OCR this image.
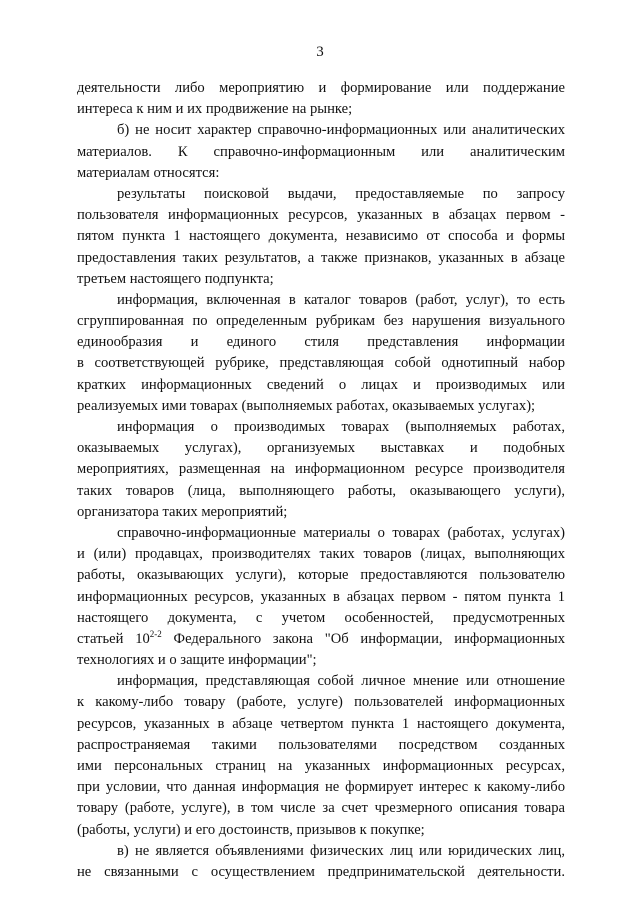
3
деятельности либо мероприятию и формирование или поддержание
интереса к ним и их продвижение на рынке;
б) не носит характер справочно-информационных или аналитических
материалов. К справочно-информационным или аналитическим
материалам относятся:
результаты поисковой выдачи, предоставляемые по запросу
пользователя информационных ресурсов, указанных в абзацах первом -
пятом пункта 1 настоящего документа, независимо от способа и формы
предоставления таких результатов, а также признаков, указанных в абзаце
третьем настоящего подпункта;
информация, включенная в каталог товаров (работ, услуг), то есть
сгруппированная по определенным рубрикам без нарушения визуального
единообразия и единого стиля представления информации
в соответствующей рубрике, представляющая собой однотипный набор
кратких информационных сведений о лицах и производимых или
реализуемых ими товарах (выполняемых работах, оказываемых услугах);
информация о производимых товарах (выполняемых работах,
оказываемых услугах), организуемых выставках и подобных
мероприятиях, размещенная на информационном ресурсе производителя
таких товаров (лица, выполняющего работы, оказывающего услуги),
организатора таких мероприятий;
справочно-информационные материалы о товарах (работах, услугах)
и (или) продавцах, производителях таких товаров (лицах, выполняющих
работы, оказывающих услуги), которые предоставляются пользователю
информационных ресурсов, указанных в абзацах первом - пятом пункта 1
настоящего документа, с учетом особенностей, предусмотренных
статьей 10$^{2-2}$ Федерального закона "Об информации, информационных
технологиях и о защите информации";
информация, представляющая собой личное мнение или отношение
к какому-либо товару (работе, услуге) пользователей информационных
ресурсов, указанных в абзаце четвертом пункта 1 настоящего документа,
распространяемая такими пользователями посредством созданных
ими персональных страниц на указанных информационных ресурсах,
при условии, что данная информация не формирует интерес к какому-либо
товару (работе, услуге), в том числе за счет чрезмерного описания товара
(работы, услуги) и его достоинств, призывов к покупке;
в) не является объявлениями физических лиц или юридических лиц,
не связанными с осуществлением предпринимательской деятельности.
